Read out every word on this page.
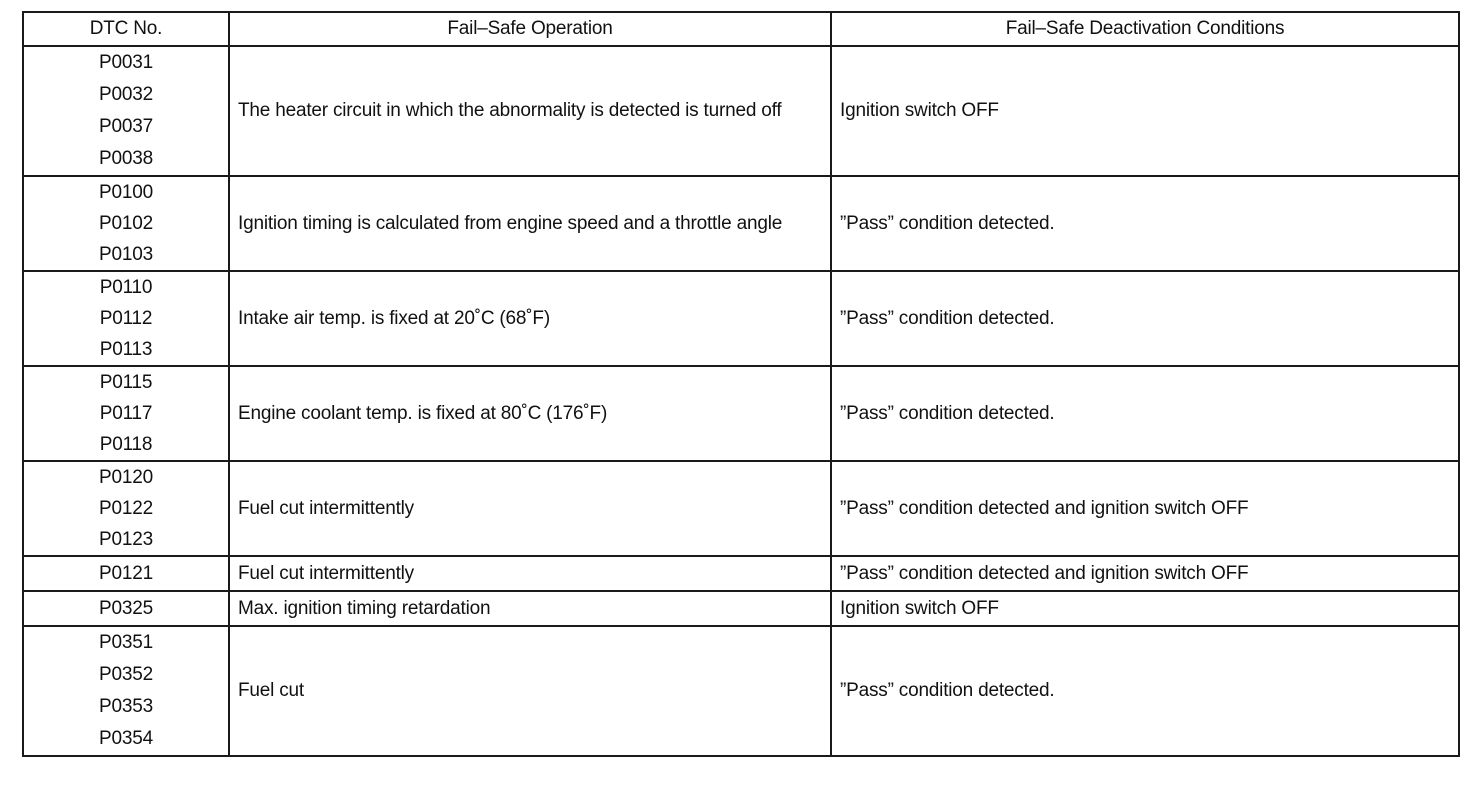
DTC No.	Fail–Safe Operation	Fail–Safe Deactivation Conditions

P0031
P0032
P0037
P0038	The heater circuit in which the abnormality is detected is turned off	Ignition switch OFF

P0100
P0102
P0103	Ignition timing is calculated from engine speed and a throttle angle	”Pass” condition detected.

P0110
P0112
P0113	Intake air temp. is fixed at 20˚C (68˚F)	”Pass” condition detected.

P0115
P0117
P0118	Engine coolant temp. is fixed at 80˚C (176˚F)	”Pass” condition detected.

P0120
P0122
P0123	Fuel cut intermittently	”Pass” condition detected and ignition switch OFF
P0121	Fuel cut intermittently	”Pass” condition detected and ignition switch OFF
P0325	Max. ignition timing retardation	Ignition switch OFF

P0351
P0352
P0353
P0354	Fuel cut	”Pass” condition detected.
